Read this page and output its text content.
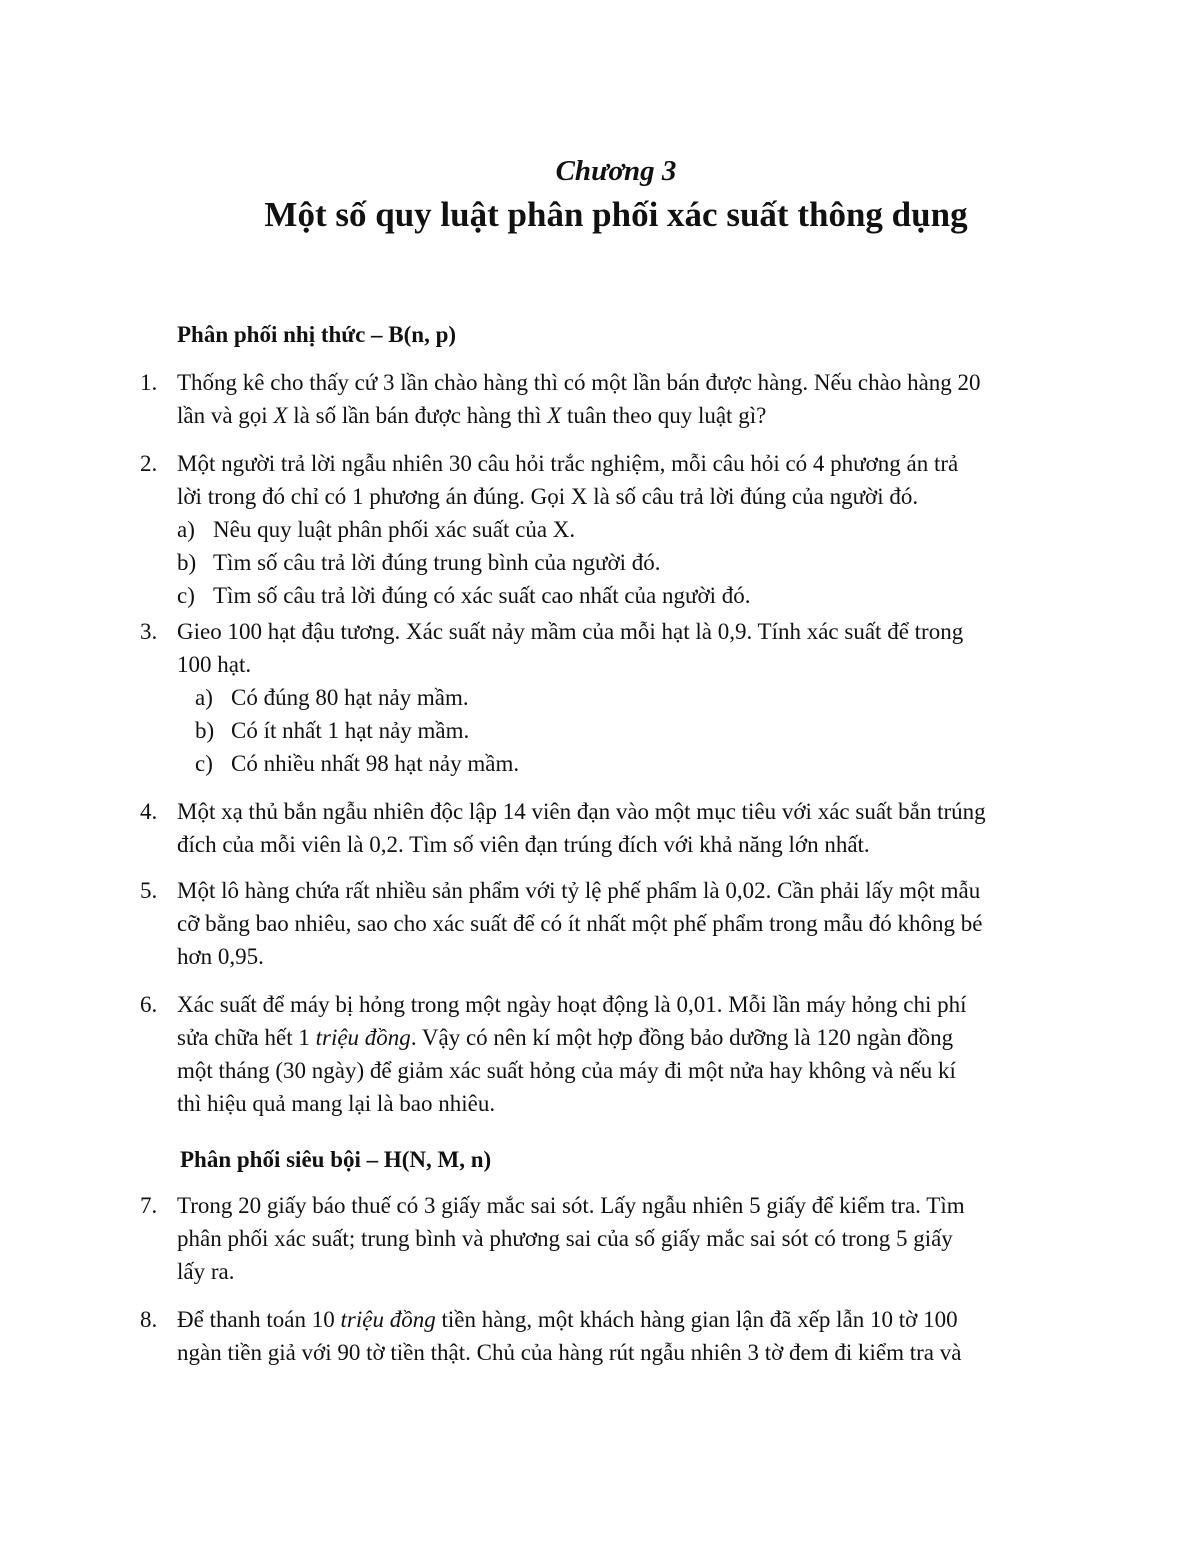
Chương 3
Một số quy luật phân phối xác suất thông dụng
Phân phối nhị thức – B(n, p)
1. Thống kê cho thấy cứ 3 lần chào hàng thì có một lần bán được hàng. Nếu chào hàng 20
lần và gọi X là số lần bán được hàng thì X tuân theo quy luật gì?
2. Một người trả lời ngẫu nhiên 30 câu hỏi trắc nghiệm, mỗi câu hỏi có 4 phương án trả
lời trong đó chỉ có 1 phương án đúng. Gọi X là số câu trả lời đúng của người đó.
a) Nêu quy luật phân phối xác suất của X.
b) Tìm số câu trả lời đúng trung bình của người đó.
c) Tìm số câu trả lời đúng có xác suất cao nhất của người đó.
3. Gieo 100 hạt đậu tương. Xác suất nảy mầm của mỗi hạt là 0,9. Tính xác suất để trong
100 hạt.
a) Có đúng 80 hạt nảy mầm.
b) Có ít nhất 1 hạt nảy mầm.
c) Có nhiều nhất 98 hạt nảy mầm.
4. Một xạ thủ bắn ngẫu nhiên độc lập 14 viên đạn vào một mục tiêu với xác suất bắn trúng
đích của mỗi viên là 0,2. Tìm số viên đạn trúng đích với khả năng lớn nhất.
5. Một lô hàng chứa rất nhiều sản phẩm với tỷ lệ phế phẩm là 0,02. Cần phải lấy một mẫu
cỡ bằng bao nhiêu, sao cho xác suất để có ít nhất một phế phẩm trong mẫu đó không bé
hơn 0,95.
6. Xác suất để máy bị hỏng trong một ngày hoạt động là 0,01. Mỗi lần máy hỏng chi phí
sửa chữa hết 1 triệu đồng. Vậy có nên kí một hợp đồng bảo dưỡng là 120 ngàn đồng
một tháng (30 ngày) để giảm xác suất hỏng của máy đi một nửa hay không và nếu kí
thì hiệu quả mang lại là bao nhiêu.
Phân phối siêu bội – H(N, M, n)
7. Trong 20 giấy báo thuế có 3 giấy mắc sai sót. Lấy ngẫu nhiên 5 giấy để kiểm tra. Tìm
phân phối xác suất; trung bình và phương sai của số giấy mắc sai sót có trong 5 giấy
lấy ra.
8. Để thanh toán 10 triệu đồng tiền hàng, một khách hàng gian lận đã xếp lẫn 10 tờ 100
ngàn tiền giả với 90 tờ tiền thật. Chủ của hàng rút ngẫu nhiên 3 tờ đem đi kiểm tra và
